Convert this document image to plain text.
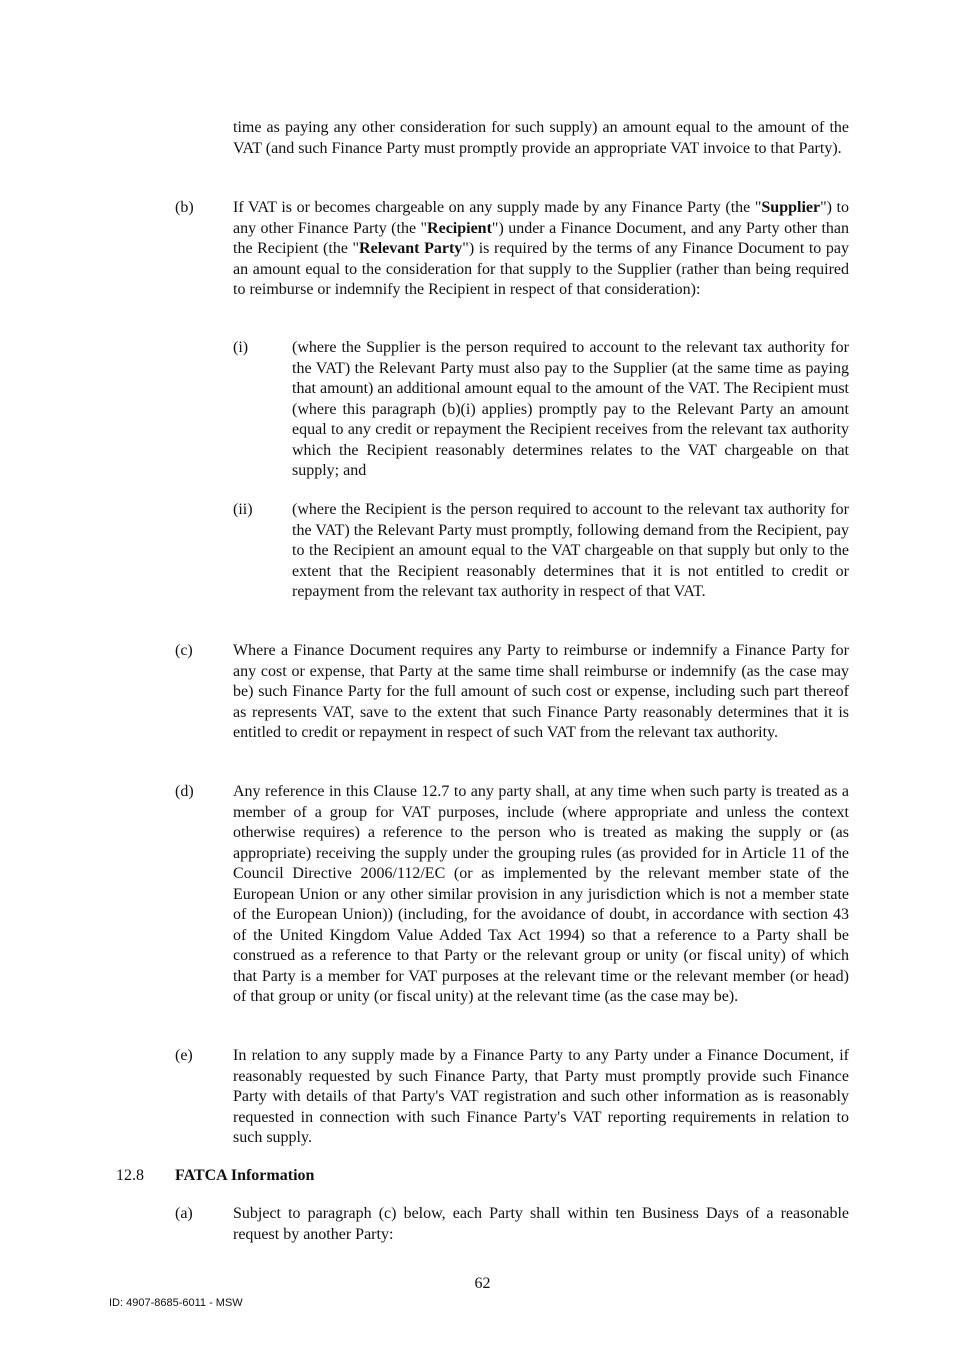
time as paying any other consideration for such supply) an amount equal to the amount of the VAT (and such Finance Party must promptly provide an appropriate VAT invoice to that Party).
(b) If VAT is or becomes chargeable on any supply made by any Finance Party (the "Supplier") to any other Finance Party (the "Recipient") under a Finance Document, and any Party other than the Recipient (the "Relevant Party") is required by the terms of any Finance Document to pay an amount equal to the consideration for that supply to the Supplier (rather than being required to reimburse or indemnify the Recipient in respect of that consideration):
(i)	(where the Supplier is the person required to account to the relevant tax authority for the VAT) the Relevant Party must also pay to the Supplier (at the same time as paying that amount) an additional amount equal to the amount of the VAT. The Recipient must (where this paragraph (b)(i) applies) promptly pay to the Relevant Party an amount equal to any credit or repayment the Recipient receives from the relevant tax authority which the Recipient reasonably determines relates to the VAT chargeable on that supply; and
(ii) (where the Recipient is the person required to account to the relevant tax authority for the VAT) the Relevant Party must promptly, following demand from the Recipient, pay to the Recipient an amount equal to the VAT chargeable on that supply but only to the extent that the Recipient reasonably determines that it is not entitled to credit or repayment from the relevant tax authority in respect of that VAT.
(c)	Where a Finance Document requires any Party to reimburse or indemnify a Finance Party for any cost or expense, that Party at the same time shall reimburse or indemnify (as the case may be) such Finance Party for the full amount of such cost or expense, including such part thereof as represents VAT, save to the extent that such Finance Party reasonably determines that it is entitled to credit or repayment in respect of such VAT from the relevant tax authority.
(d) Any reference in this Clause 12.7 to any party shall, at any time when such party is treated as a member of a group for VAT purposes, include (where appropriate and unless the context otherwise requires) a reference to the person who is treated as making the supply or (as appropriate) receiving the supply under the grouping rules (as provided for in Article 11 of the Council Directive 2006/112/EC (or as implemented by the relevant member state of the European Union or any other similar provision in any jurisdiction which is not a member state of the European Union)) (including, for the avoidance of doubt, in accordance with section 43 of the United Kingdom Value Added Tax Act 1994) so that a reference to a Party shall be construed as a reference to that Party or the relevant group or unity (or fiscal unity) of which that Party is a member for VAT purposes at the relevant time or the relevant member (or head) of that group or unity (or fiscal unity) at the relevant time (as the case may be).
(e)	In relation to any supply made by a Finance Party to any Party under a Finance Document, if reasonably requested by such Finance Party, that Party must promptly provide such Finance Party with details of that Party's VAT registration and such other information as is reasonably requested in connection with such Finance Party's VAT reporting requirements in relation to such supply.
12.8 FATCA Information
(a)	Subject to paragraph (c) below, each Party shall within ten Business Days of a reasonable request by another Party:
62
ID: 4907-8685-6011 - MSW
